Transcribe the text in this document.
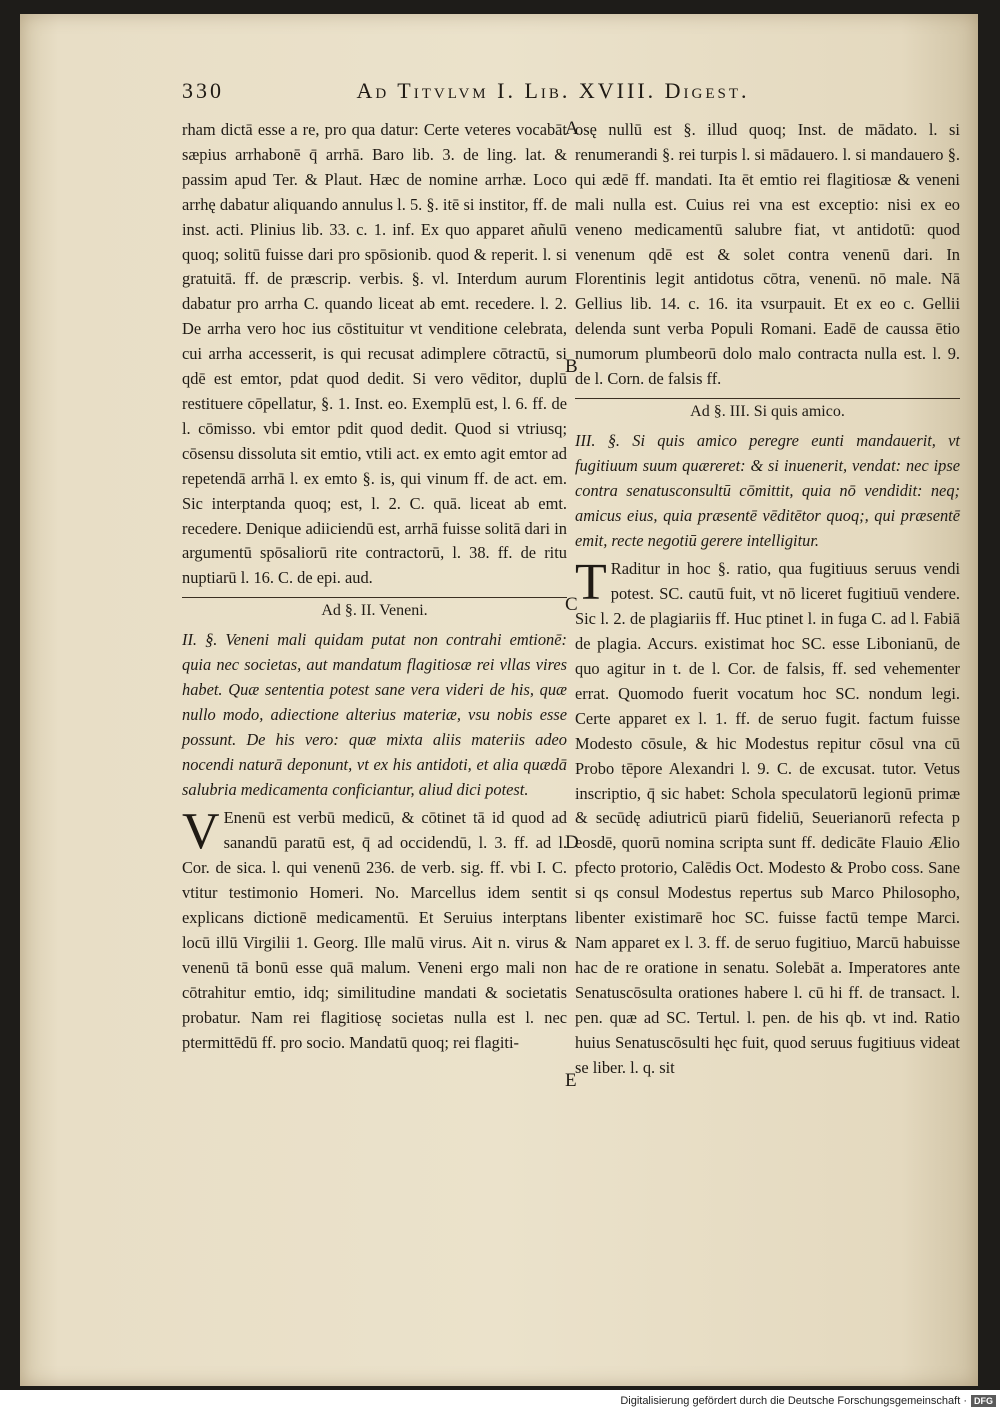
330	Ad Titvlvm I. Lib. XVIII. Digest.

rham dictā esse a re, pro qua datur: Certe veteres vocabāt sæpius arrhabonē q̄ arrhā. Baro lib. 3. de ling. lat. & passim apud Ter. & Plaut. Hæc de nomine arrhæ. Loco arrhę dabatur aliquando annulus l. 5. §. itē si institor, ff. de inst. acti. Plinius lib. 33. c. 1. inf. Ex quo apparet añulū quoq; solitū fuisse dari pro spōsionib. quod & reperit. l. si gratuitā. ff. de præscrip. verbis. §. vl. Interdum aurum dabatur pro arrha C. quando liceat ab emt. recedere. l. 2. De arrha vero hoc ius cōstituitur vt venditione celebrata, cui arrha accesserit, is qui recusat adimplere cōtractū, si qdē est emtor, pdat quod dedit. Si vero vēditor, duplū restituere cōpellatur, §. 1. Inst. eo. Exemplū est, l. 6. ff. de l. cōmisso. vbi emtor pdit quod dedit. Quod si vtriusq; cōsensu dissoluta sit emtio, vtili act. ex emto agit emtor ad repetendā arrhā l. ex emto §. is, qui vinum ff. de act. em. Sic interptanda quoq; est, l. 2. C. quā. liceat ab emt. recedere. Denique adiiciendū est, arrhā fuisse solitā dari in argumentū spōsaliorū rite contractorū, l. 38. ff. de ritu nuptiarū l. 16. C. de epi. aud.

Ad §. II. Veneni.

II. §. Veneni mali quidam putat non contrahi emtionē: quia nec societas, aut mandatum flagitiosæ rei vllas vires habet. Quæ sententia potest sane vera videri de his, quæ nullo modo, adiectione alterius materiæ, vsu nobis esse possunt. De his vero: quæ mixta aliis materiis adeo nocendi naturā deponunt, vt ex his antidoti, et alia quædā salubria medicamenta conficiantur, aliud dici potest.

V Enenū est verbū medicū, & cōtinet tā id quod ad sanandū paratū est, q̄ ad occidendū, l. 3. ff. ad l. Cor. de sica. l. qui venenū 236. de verb. sig. ff. vbi I. C. vtitur testimonio Homeri. No. Marcellus idem sentit explicans dictionē medicamentū. Et Seruius interptans locū illū Virgilii 1. Georg. Ille malū virus. Ait n. virus & venenū tā bonū esse quā malum. Veneni ergo mali non cōtrahitur emtio, idq; similitudine mandati & societatis probatur. Nam rei flagitiosę societas nulla est l. nec ptermittēdū ff. pro socio. Mandatū quoq; rei flagiti-

osę nullū est §. illud quoq; Inst. de mādato. l. si renumerandi §. rei turpis l. si mādauero. l. si mandauero §. qui ædē ff. mandati. Ita ēt emtio rei flagitiosæ & veneni mali nulla est. Cuius rei vna est exceptio: nisi ex eo veneno medicamentū salubre fiat, vt antidotū: quod venenum qdē est & solet contra venenū dari. In Florentinis legit antidotus cōtra, venenū. nō male. Nā Gellius lib. 14. c. 16. ita vsurpauit. Et ex eo c. Gellii delenda sunt verba Populi Romani. Eadē de caussa ētio numorum plumbeorū dolo malo contracta nulla est. l. 9. de l. Corn. de falsis ff.

Ad §. III. Si quis amico.

III. §. Si quis amico peregre eunti mandauerit, vt fugitiuum suum quæreret: & si inuenerit, vendat: nec ipse contra senatusconsultū cōmittit, quia nō vendidit: neq; amicus eius, quia præsentē vēditētor quoq;, qui præsentē emit, recte negotiū gerere intelligitur.

T Raditur in hoc §. ratio, qua fugitiuus seruus vendi potest. SC. cautū fuit, vt nō liceret fugitiuū vendere. Sic l. 2. de plagiariis ff. Huc ptinet l. in fuga C. ad l. Fabiā de plagia. Accurs. existimat hoc SC. esse Libonianū, de quo agitur in t. de l. Cor. de falsis, ff. sed vehementer errat. Quomodo fuerit vocatum hoc SC. nondum legi. Certe apparet ex l. 1. ff. de seruo fugit. factum fuisse Modesto cōsule, & hic Modestus repitur cōsul vna cū Probo tēpore Alexandri l. 9. C. de excusat. tutor. Vetus inscriptio, q̄ sic habet: Schola speculatorū legionū primæ & secūdę adiutricū piarū fideliū, Seuerianorū refecta p eosdē, quorū nomina scripta sunt ff. dedicāte Flauio Ælio pfecto protorio, Calēdis Oct. Modesto & Probo coss. Sane si qs consul Modestus repertus sub Marco Philosopho, libenter existimarē hoc SC. fuisse factū tempe Marci. Nam apparet ex l. 3. ff. de seruo fugitiuo, Marcū habuisse hac de re oratione in senatu. Solebāt a. Imperatores ante Senatuscōsulta orationes habere l. cū hi ff. de transact. l. pen. quæ ad SC. Tertul. l. pen. de his qb. vt ind. Ratio huius Senatuscōsulti hęc fuit, quod seruus fugitiuus videat se liber. l. q. sit

A
B
C
D
E
Digitalisierung gefördert durch die Deutsche Forschungsgemeinschaft · DFG
